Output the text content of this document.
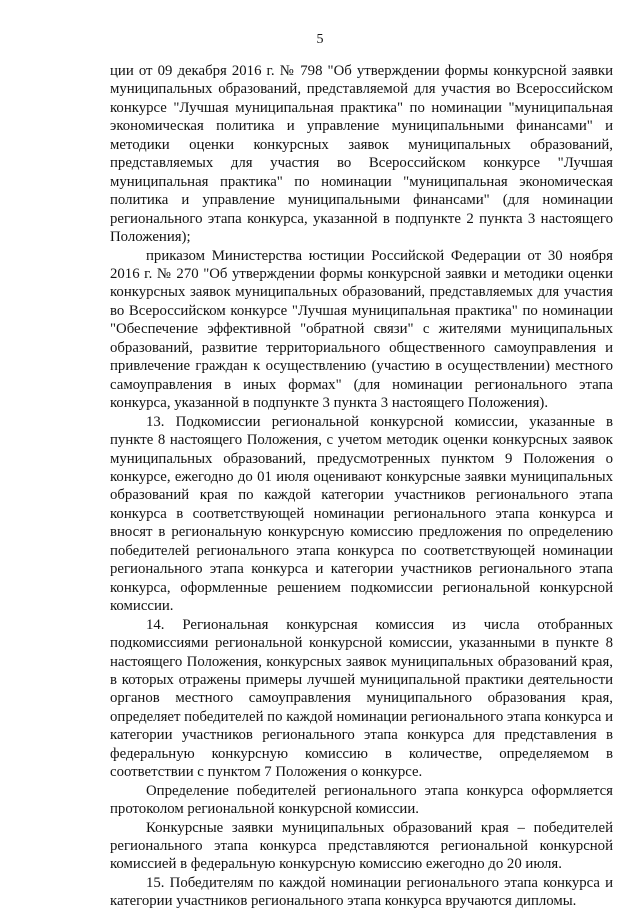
5

ции от 09 декабря 2016 г. № 798 "Об утверждении формы конкурсной заявки муниципальных образований, представляемой для участия во Всероссийском конкурсе "Лучшая муниципальная практика" по номинации "муниципальная экономическая политика и управление муниципальными финансами" и методики оценки конкурсных заявок муниципальных образований, представляемых для участия во Всероссийском конкурсе "Лучшая муниципальная практика" по номинации "муниципальная экономическая политика и управление муниципальными финансами" (для номинации регионального этапа конкурса, указанной в подпункте 2 пункта 3 настоящего Положения);

приказом Министерства юстиции Российской Федерации от 30 ноября 2016 г. № 270 "Об утверждении формы конкурсной заявки и методики оценки конкурсных заявок муниципальных образований, представляемых для участия во Всероссийском конкурсе "Лучшая муниципальная практика" по номинации "Обеспечение эффективной "обратной связи" с жителями муниципальных образований, развитие территориального общественного самоуправления и привлечение граждан к осуществлению (участию в осуществлении) местного самоуправления в иных формах" (для номинации регионального этапа конкурса, указанной в подпункте 3 пункта 3 настоящего Положения).

13. Подкомиссии региональной конкурсной комиссии, указанные в пункте 8 настоящего Положения, с учетом методик оценки конкурсных заявок муниципальных образований, предусмотренных пунктом 9 Положения о конкурсе, ежегодно до 01 июля оценивают конкурсные заявки муниципальных образований края по каждой категории участников регионального этапа конкурса в соответствующей номинации регионального этапа конкурса и вносят в региональную конкурсную комиссию предложения по определению победителей регионального этапа конкурса по соответствующей номинации регионального этапа конкурса и категории участников регионального этапа конкурса, оформленные решением подкомиссии региональной конкурсной комиссии.

14. Региональная конкурсная комиссия из числа отобранных подкомиссиями региональной конкурсной комиссии, указанными в пункте 8 настоящего Положения, конкурсных заявок муниципальных образований края, в которых отражены примеры лучшей муниципальной практики деятельности органов местного самоуправления муниципального образования края, определяет победителей по каждой номинации регионального этапа конкурса и категории участников регионального этапа конкурса для представления в федеральную конкурсную комиссию в количестве, определяемом в соответствии с пунктом 7 Положения о конкурсе.

Определение победителей регионального этапа конкурса оформляется протоколом региональной конкурсной комиссии.

Конкурсные заявки муниципальных образований края – победителей регионального этапа конкурса представляются региональной конкурсной комиссией в федеральную конкурсную комиссию ежегодно до 20 июля.

15. Победителям по каждой номинации регионального этапа конкурса и категории участников регионального этапа конкурса вручаются дипломы.
